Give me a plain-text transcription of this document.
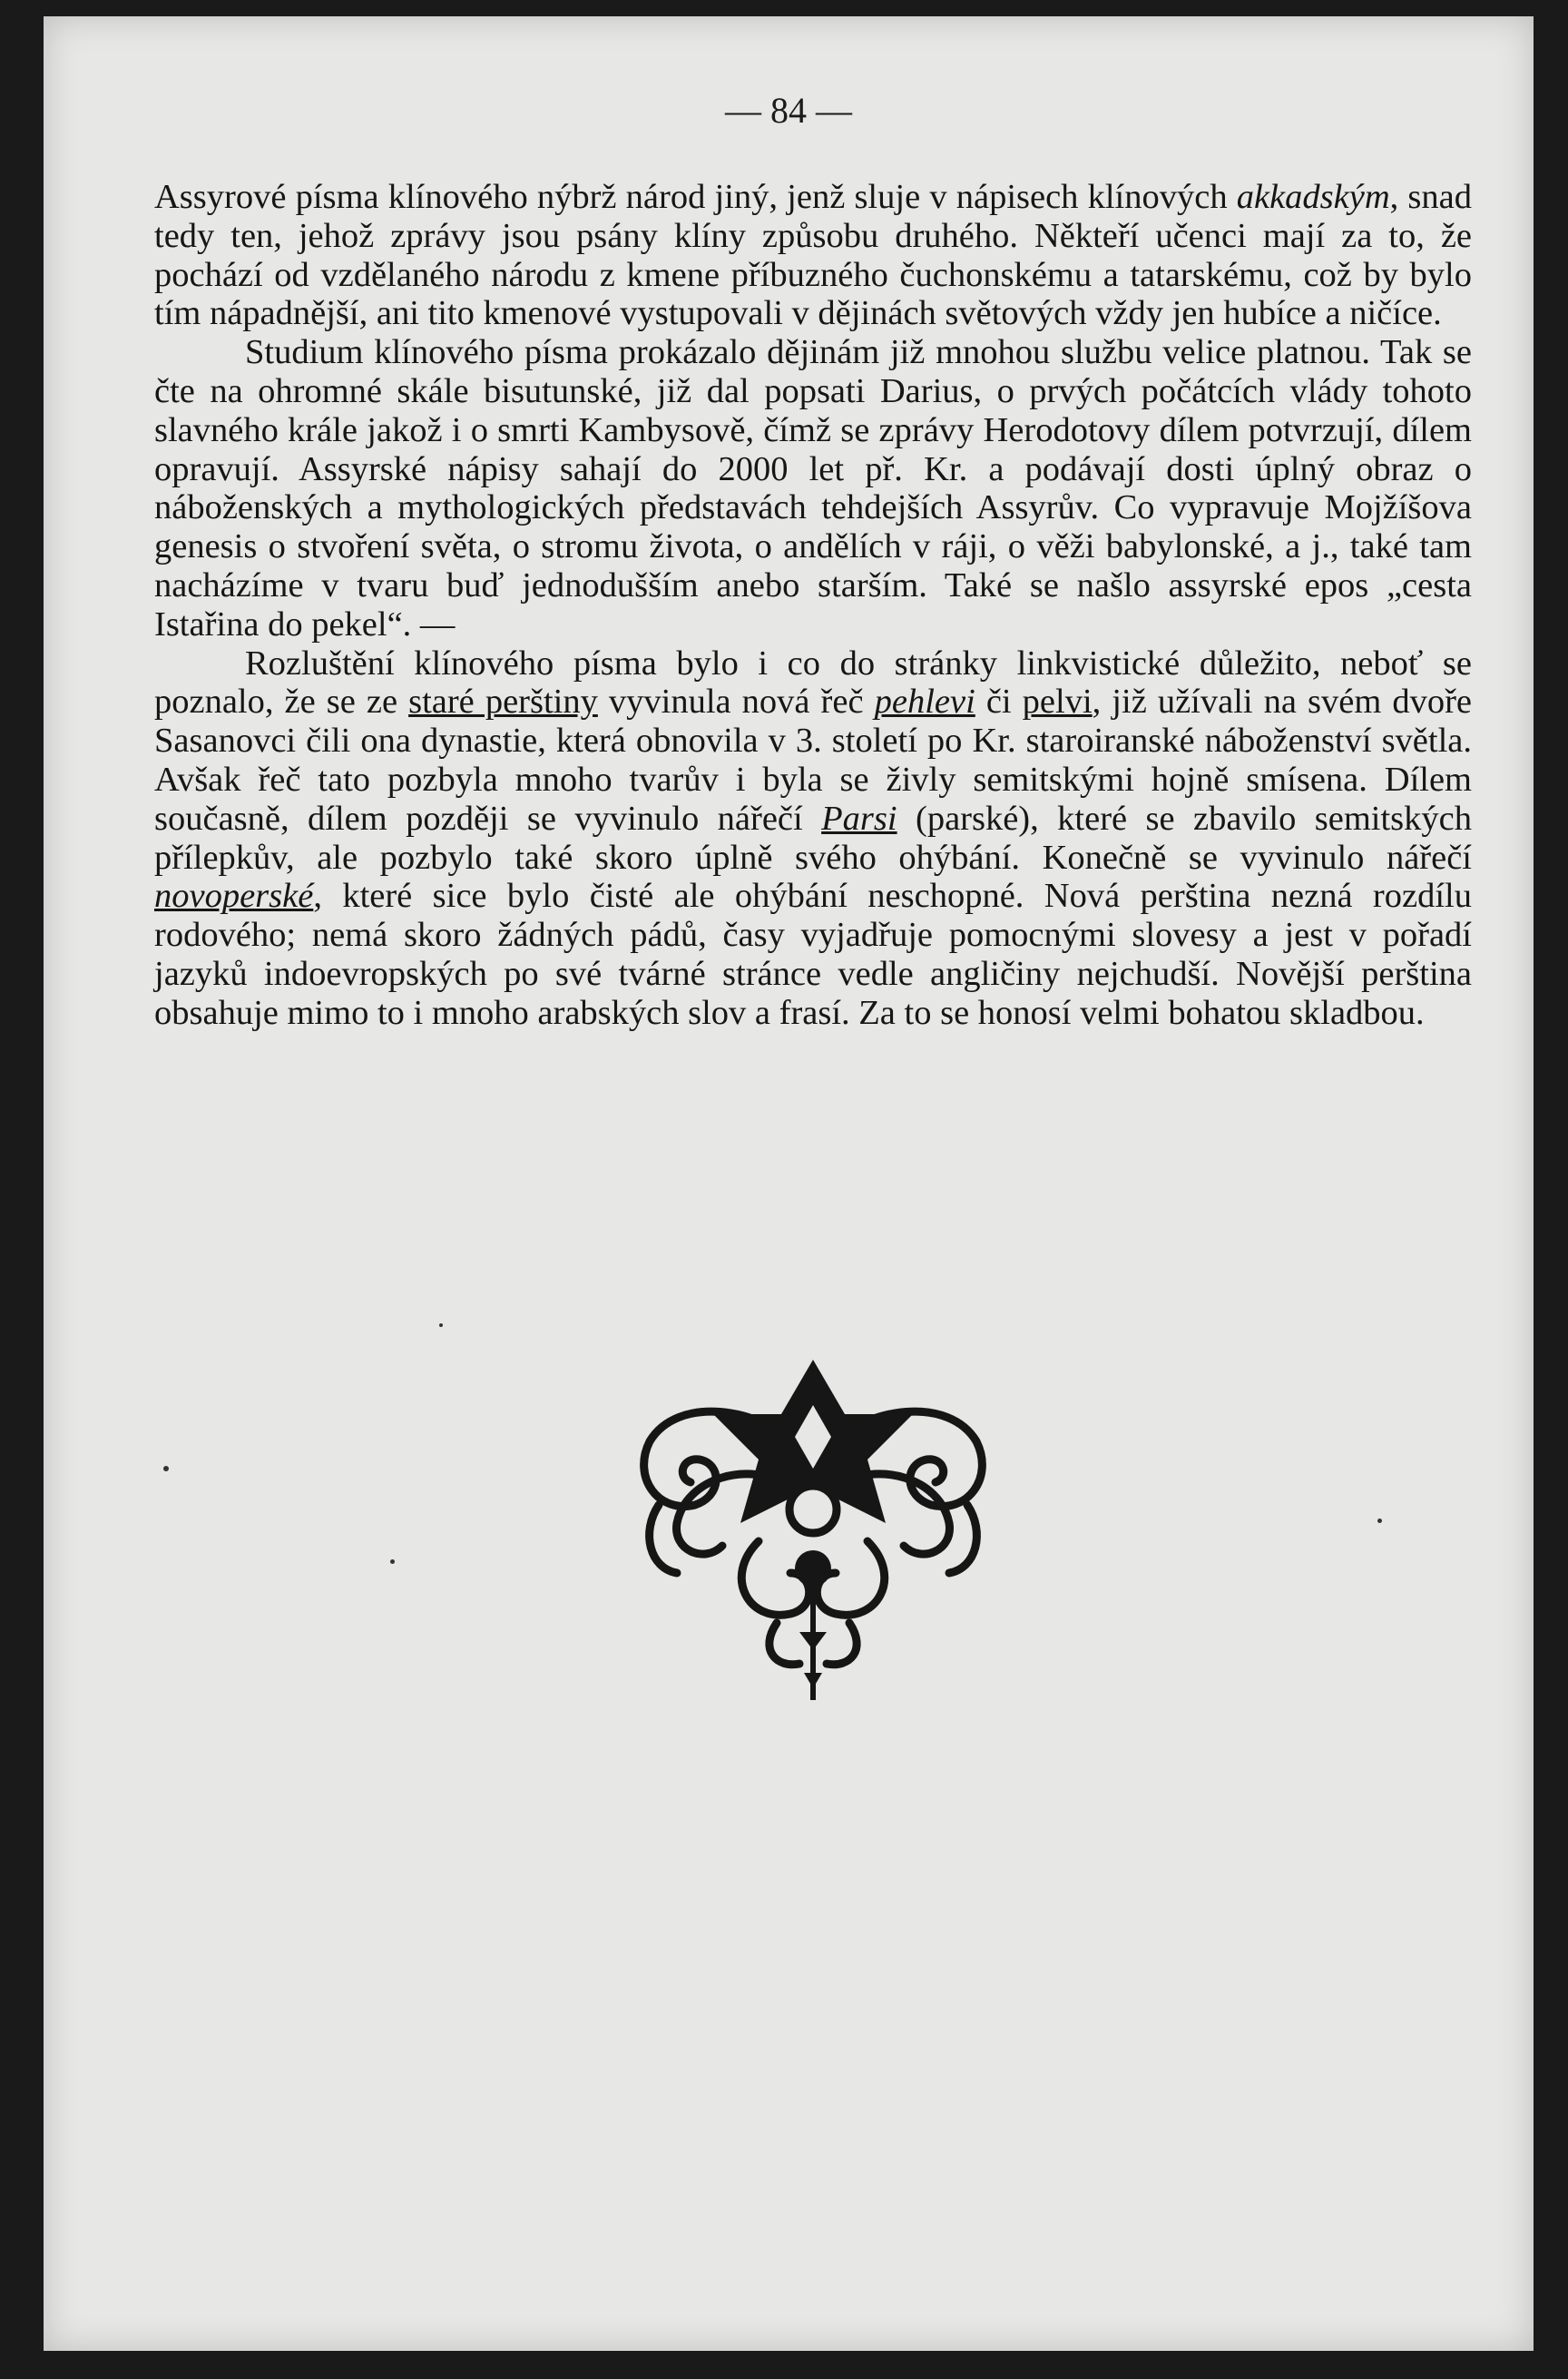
— 84 —

Assyrové písma klínového nýbrž národ jiný, jenž sluje v nápisech klínových akkadským, snad tedy ten, jehož zprávy jsou psány klíny způsobu druhého. Někteří učenci mají za to, že pochází od vzdělaného národu z kmene příbuzného čuchonskému a tatarskému, což by bylo tím nápadnější, ani tito kmenové vystupovali v dějinách světových vždy jen hubíce a ničíce.

Studium klínového písma prokázalo dějinám již mnohou službu velice platnou. Tak se čte na ohromné skále bisutunské, již dal popsati Darius, o prvých počátcích vlády tohoto slavného krále jakož i o smrti Kambysově, čímž se zprávy Herodotovy dílem potvrzují, dílem opravují. Assyrské nápisy sahají do 2000 let př. Kr. a podávají dosti úplný obraz o náboženských a mythologických představách tehdejších Assyrův. Co vypravuje Mojžíšova genesis o stvoření světa, o stromu života, o andělích v ráji, o věži babylonské, a j., také tam nacházíme v tvaru buď jednodušším anebo starším. Také se našlo assyrské epos „cesta Istařina do pekel“. —

Rozluštění klínového písma bylo i co do stránky linkvistické důležito, neboť se poznalo, že se ze staré perštiny vyvinula nová řeč pehlevi či pelvi, již užívali na svém dvoře Sasanovci čili ona dynastie, která obnovila v 3. století po Kr. staroiranské náboženství světla. Avšak řeč tato pozbyla mnoho tvarův i byla se živly semitskými hojně smísena. Dílem současně, dílem později se vyvinulo nářečí Parsi (parské), které se zbavilo semitských přílepkův, ale pozbylo také skoro úplně svého ohýbání. Konečně se vyvinulo nářečí novoperské, které sice bylo čisté ale ohýbání neschopné. Nová perština nezná rozdílu rodového; nemá skoro žádných pádů, časy vyjadřuje pomocnými slovesy a jest v pořadí jazyků indoevropských po své tvárné stránce vedle angličiny nejchudší. Novější perština obsahuje mimo to i mnoho arabských slov a frasí. Za to se honosí velmi bohatou skladbou.
